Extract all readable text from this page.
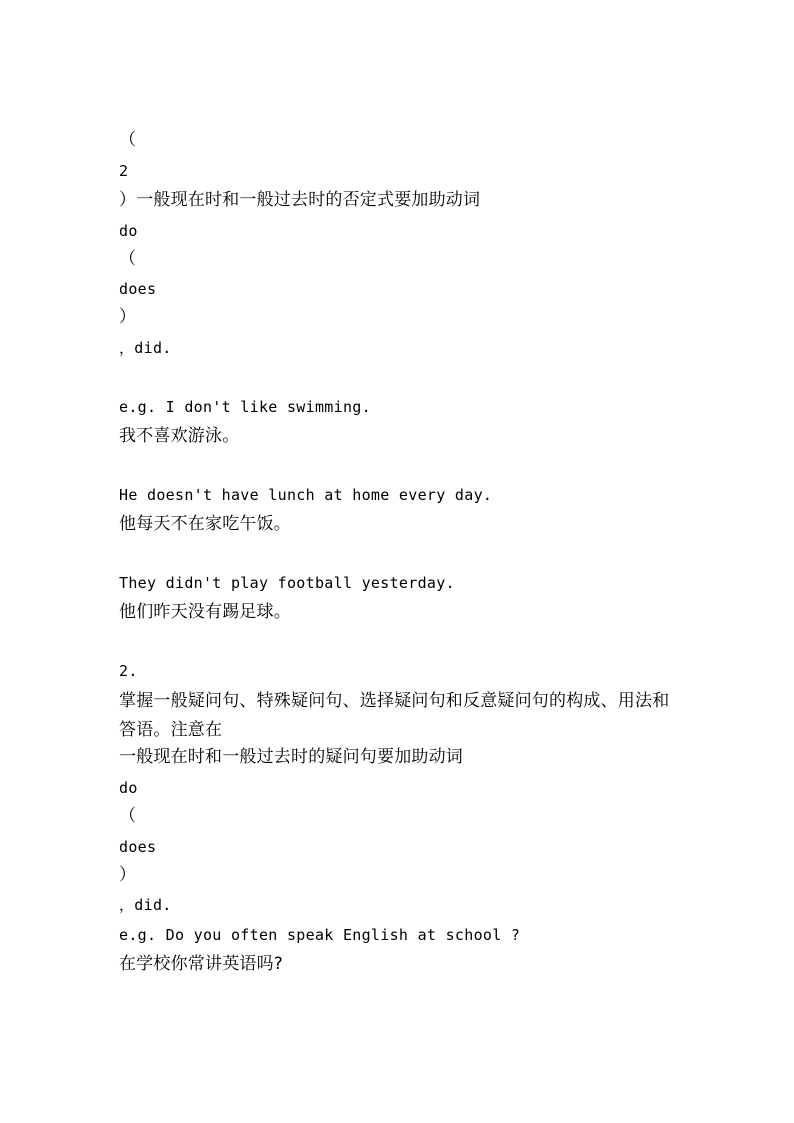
（
2
）一般现在时和一般过去时的否定式要加助动词
do
（
does
）
，did.
e.g. I don't like swimming.
我不喜欢游泳。
He doesn't have lunch at home every day.
他每天不在家吃午饭。
They didn't play football yesterday.
他们昨天没有踢足球。
2.
掌握一般疑问句、特殊疑问句、选择疑问句和反意疑问句的构成、用法和答语。注意在
一般现在时和一般过去时的疑问句要加助动词
do
（
does
）
，did.
e.g. Do you often speak English at school ?
在学校你常讲英语吗?
